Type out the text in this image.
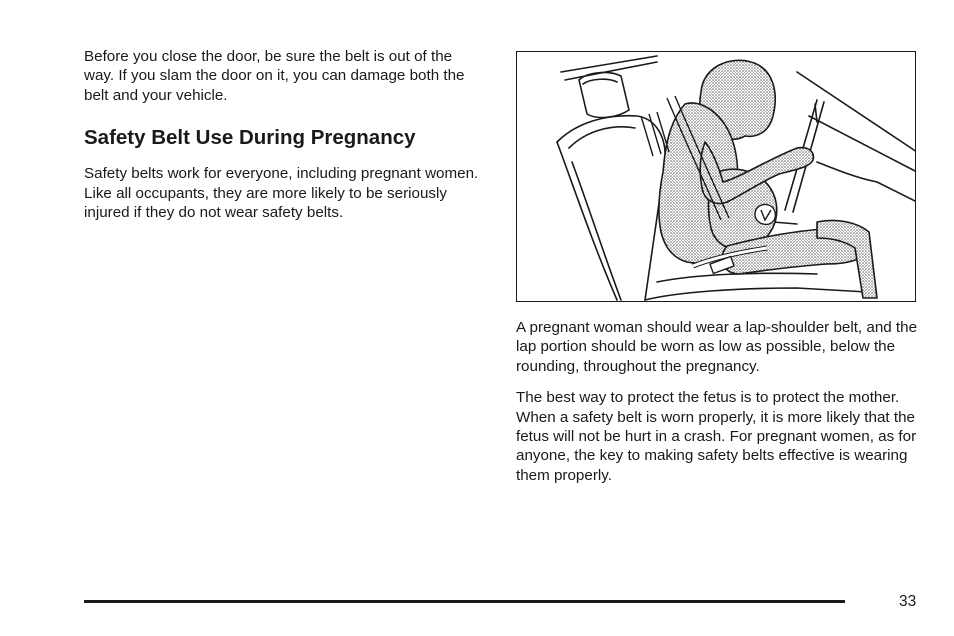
Before you close the door, be sure the belt is out of the way. If you slam the door on it, you can damage both the belt and your vehicle.

Safety Belt Use During Pregnancy

Safety belts work for everyone, including pregnant women. Like all occupants, they are more likely to be seriously injured if they do not wear safety belts.

A pregnant woman should wear a lap-shoulder belt, and the lap portion should be worn as low as possible, below the rounding, throughout the pregnancy.

The best way to protect the fetus is to protect the mother. When a safety belt is worn properly, it is more likely that the fetus will not be hurt in a crash. For pregnant women, as for anyone, the key to making safety belts effective is wearing them properly.

33
